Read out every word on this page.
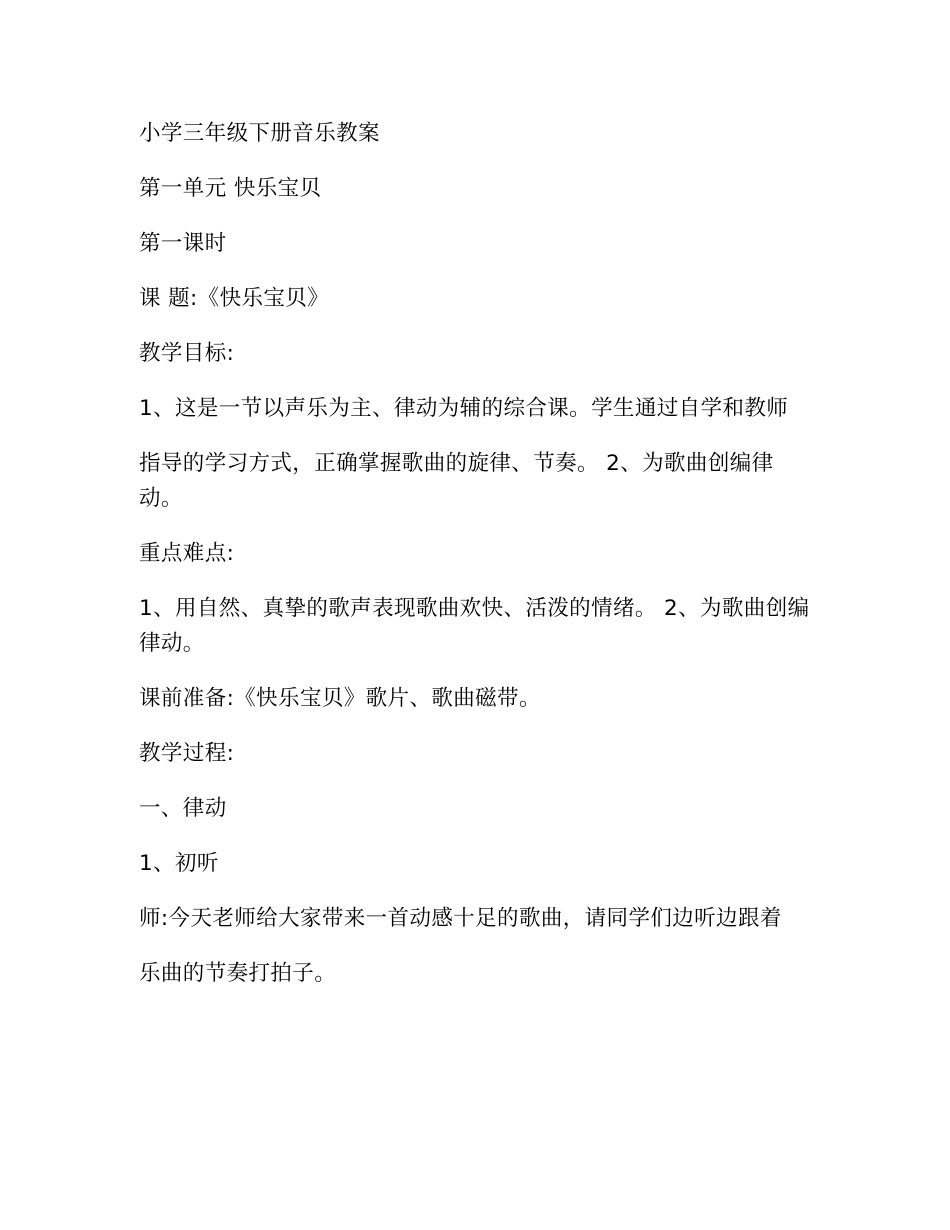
小学三年级下册音乐教案

第一单元 快乐宝贝

第一课时

课 题:《快乐宝贝》

教学目标:

1、这是一节以声乐为主、律动为辅的综合课。学生通过自学和教师

指导的学习方式，正确掌握歌曲的旋律、节奏。 2、为歌曲创编律动。

重点难点:

1、用自然、真挚的歌声表现歌曲欢快、活泼的情绪。 2、为歌曲创编律动。

课前准备:《快乐宝贝》歌片、歌曲磁带。

教学过程:

一、律动

1、初听

师:今天老师给大家带来一首动感十足的歌曲，请同学们边听边跟着

乐曲的节奏打拍子。
